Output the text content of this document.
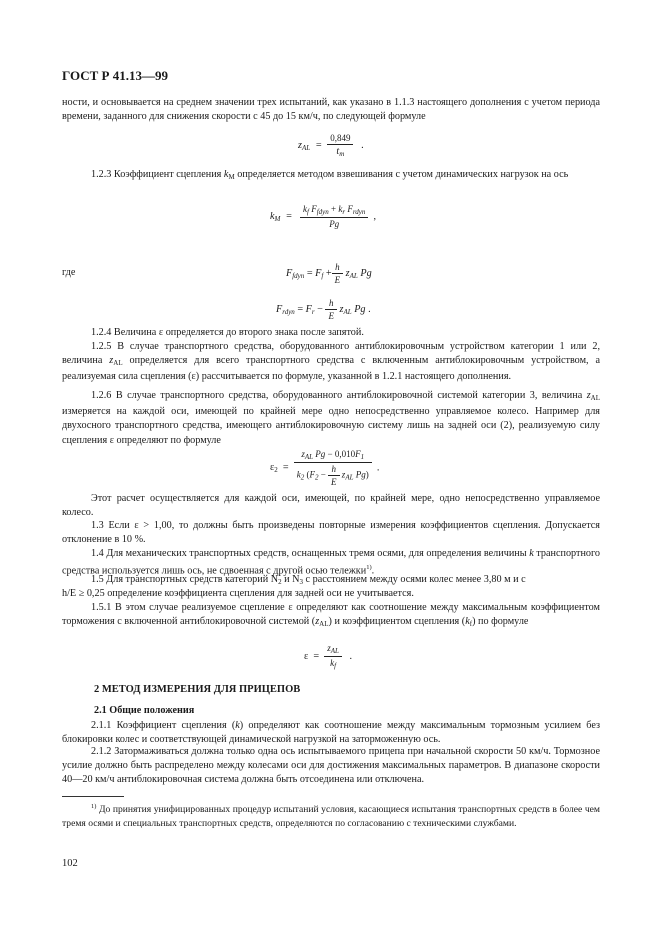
ГОСТ Р 41.13—99
ности, и основывается на среднем значении трех испытаний, как указано в 1.1.3 настоящего дополнения с учетом периода времени, заданного для снижения скорости с 45 до 15 км/ч, по следующей формуле
$z_{AL} = \frac{0,849}{t_m}$ .
1.2.3 Коэффициент сцепления $k_M$ определяется методом взвешивания с учетом динамических нагрузок на ось
$k_M = \frac{k_f F_{fdyn} + k_r F_{rdyn}}{Pg}$ ,
где	$F_{fdyn} = F_f + \frac{h}{E} z_{AL}$ Pg
$F_{rdyn} = F_r - \frac{h}{E} z_{AL}$ Pg .
1.2.4 Величина ε определяется до второго знака после запятой.
1.2.5 В случае транспортного средства, оборудованного антиблокировочным устройством категории 1 или 2, величина $z_{AL}$ определяется для всего транспортного средства с включенным антиблокировочным устройством, а реализуемая сила сцепления (ε) рассчитывается по формуле, указанной в 1.2.1 настоящего дополнения.
1.2.6 В случае транспортного средства, оборудованного антиблокировочной системой категории 3, величина $z_{AL}$ измеряется на каждой оси, имеющей по крайней мере одно непосредственно управляемое колесо. Например для двухосного транспортного средства, имеющего антиблокировочную систему лишь на задней оси (2), реализуемую силу сцепления ε определяют по формуле
$\varepsilon_2 = \frac{z_{AL} Pg - 0,010F_1}{k_2 (F_2 - \frac{h}{E} z_{AL} Pg)}$ .
Этот расчет осуществляется для каждой оси, имеющей, по крайней мере, одно непосредственно управляемое колесо.
1.3 Если ε > 1,00, то должны быть произведены повторные измерения коэффициентов сцепления. Допускается отклонение в 10 %.
1.4 Для механических транспортных средств, оснащенных тремя осями, для определения величины k транспортного средства используется лишь ось, не сдвоенная с другой осью тележки$^{1)}$.
1.5 Для транспортных средств категорий $N_2$ и $N_3$ с расстоянием между осями колес менее 3,80 м и с
h/E ≥ 0,25 определение коэффициента сцепления для задней оси не учитывается.
1.5.1 В этом случае реализуемое сцепление ε определяют как соотношение между максимальным коэффициентом торможения с включенной антиблокировочной системой $(z_{AL})$ и коэффициентом сцепления $(k_f)$ по формуле
$\varepsilon = \frac{z_{AL}}{k_f}$ .
2 МЕТОД ИЗМЕРЕНИЯ ДЛЯ ПРИЦЕПОВ
2.1 Общие положения
2.1.1 Коэффициент сцепления (k) определяют как соотношение между максимальным тормозным усилием без блокировки колес и соответствующей динамической нагрузкой на заторможенную ось.
2.1.2 Затормаживаться должна только одна ось испытываемого прицепа при начальной скорости 50 км/ч. Тормозное усилие должно быть распределено между колесами оси для достижения максимальных параметров. В диапазоне скорости 40—20 км/ч антиблокировочная система должна быть отсоединена или отключена.
$^{1)}$ До принятия унифицированных процедур испытаний условия, касающиеся испытания транспортных средств в более чем тремя осями и специальных транспортных средств, определяются по согласованию с техническими службами.
102
